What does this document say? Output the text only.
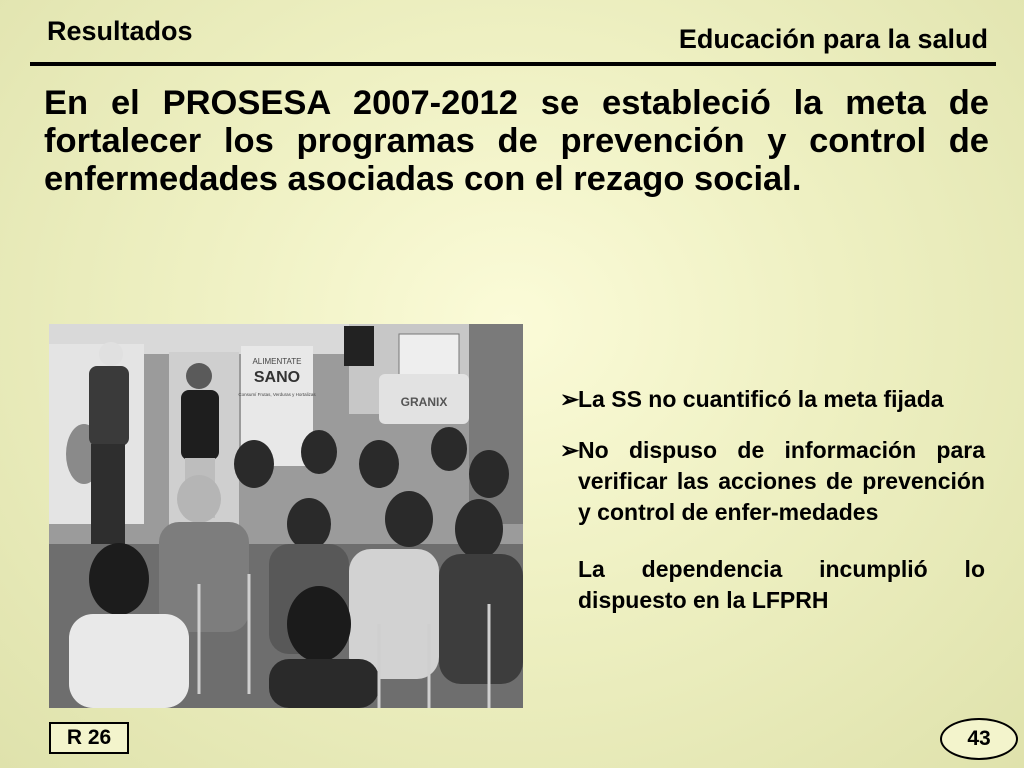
Resultados	Educación para la salud
En el PROSESA 2007-2012 se estableció la meta de fortalecer los programas de prevención y control de enfermedades asociadas con el rezago social.
ALIMENTATE
SANO
Consumí Frutas, Verduras y Hortalizas
GRANIX	➢
La SS no cuantificó la meta fijada
➢
No dispuso de información para verificar las acciones de prevención y control de enfer-medades
La dependencia incumplió lo dispuesto en la LFPRH
R 26	43
